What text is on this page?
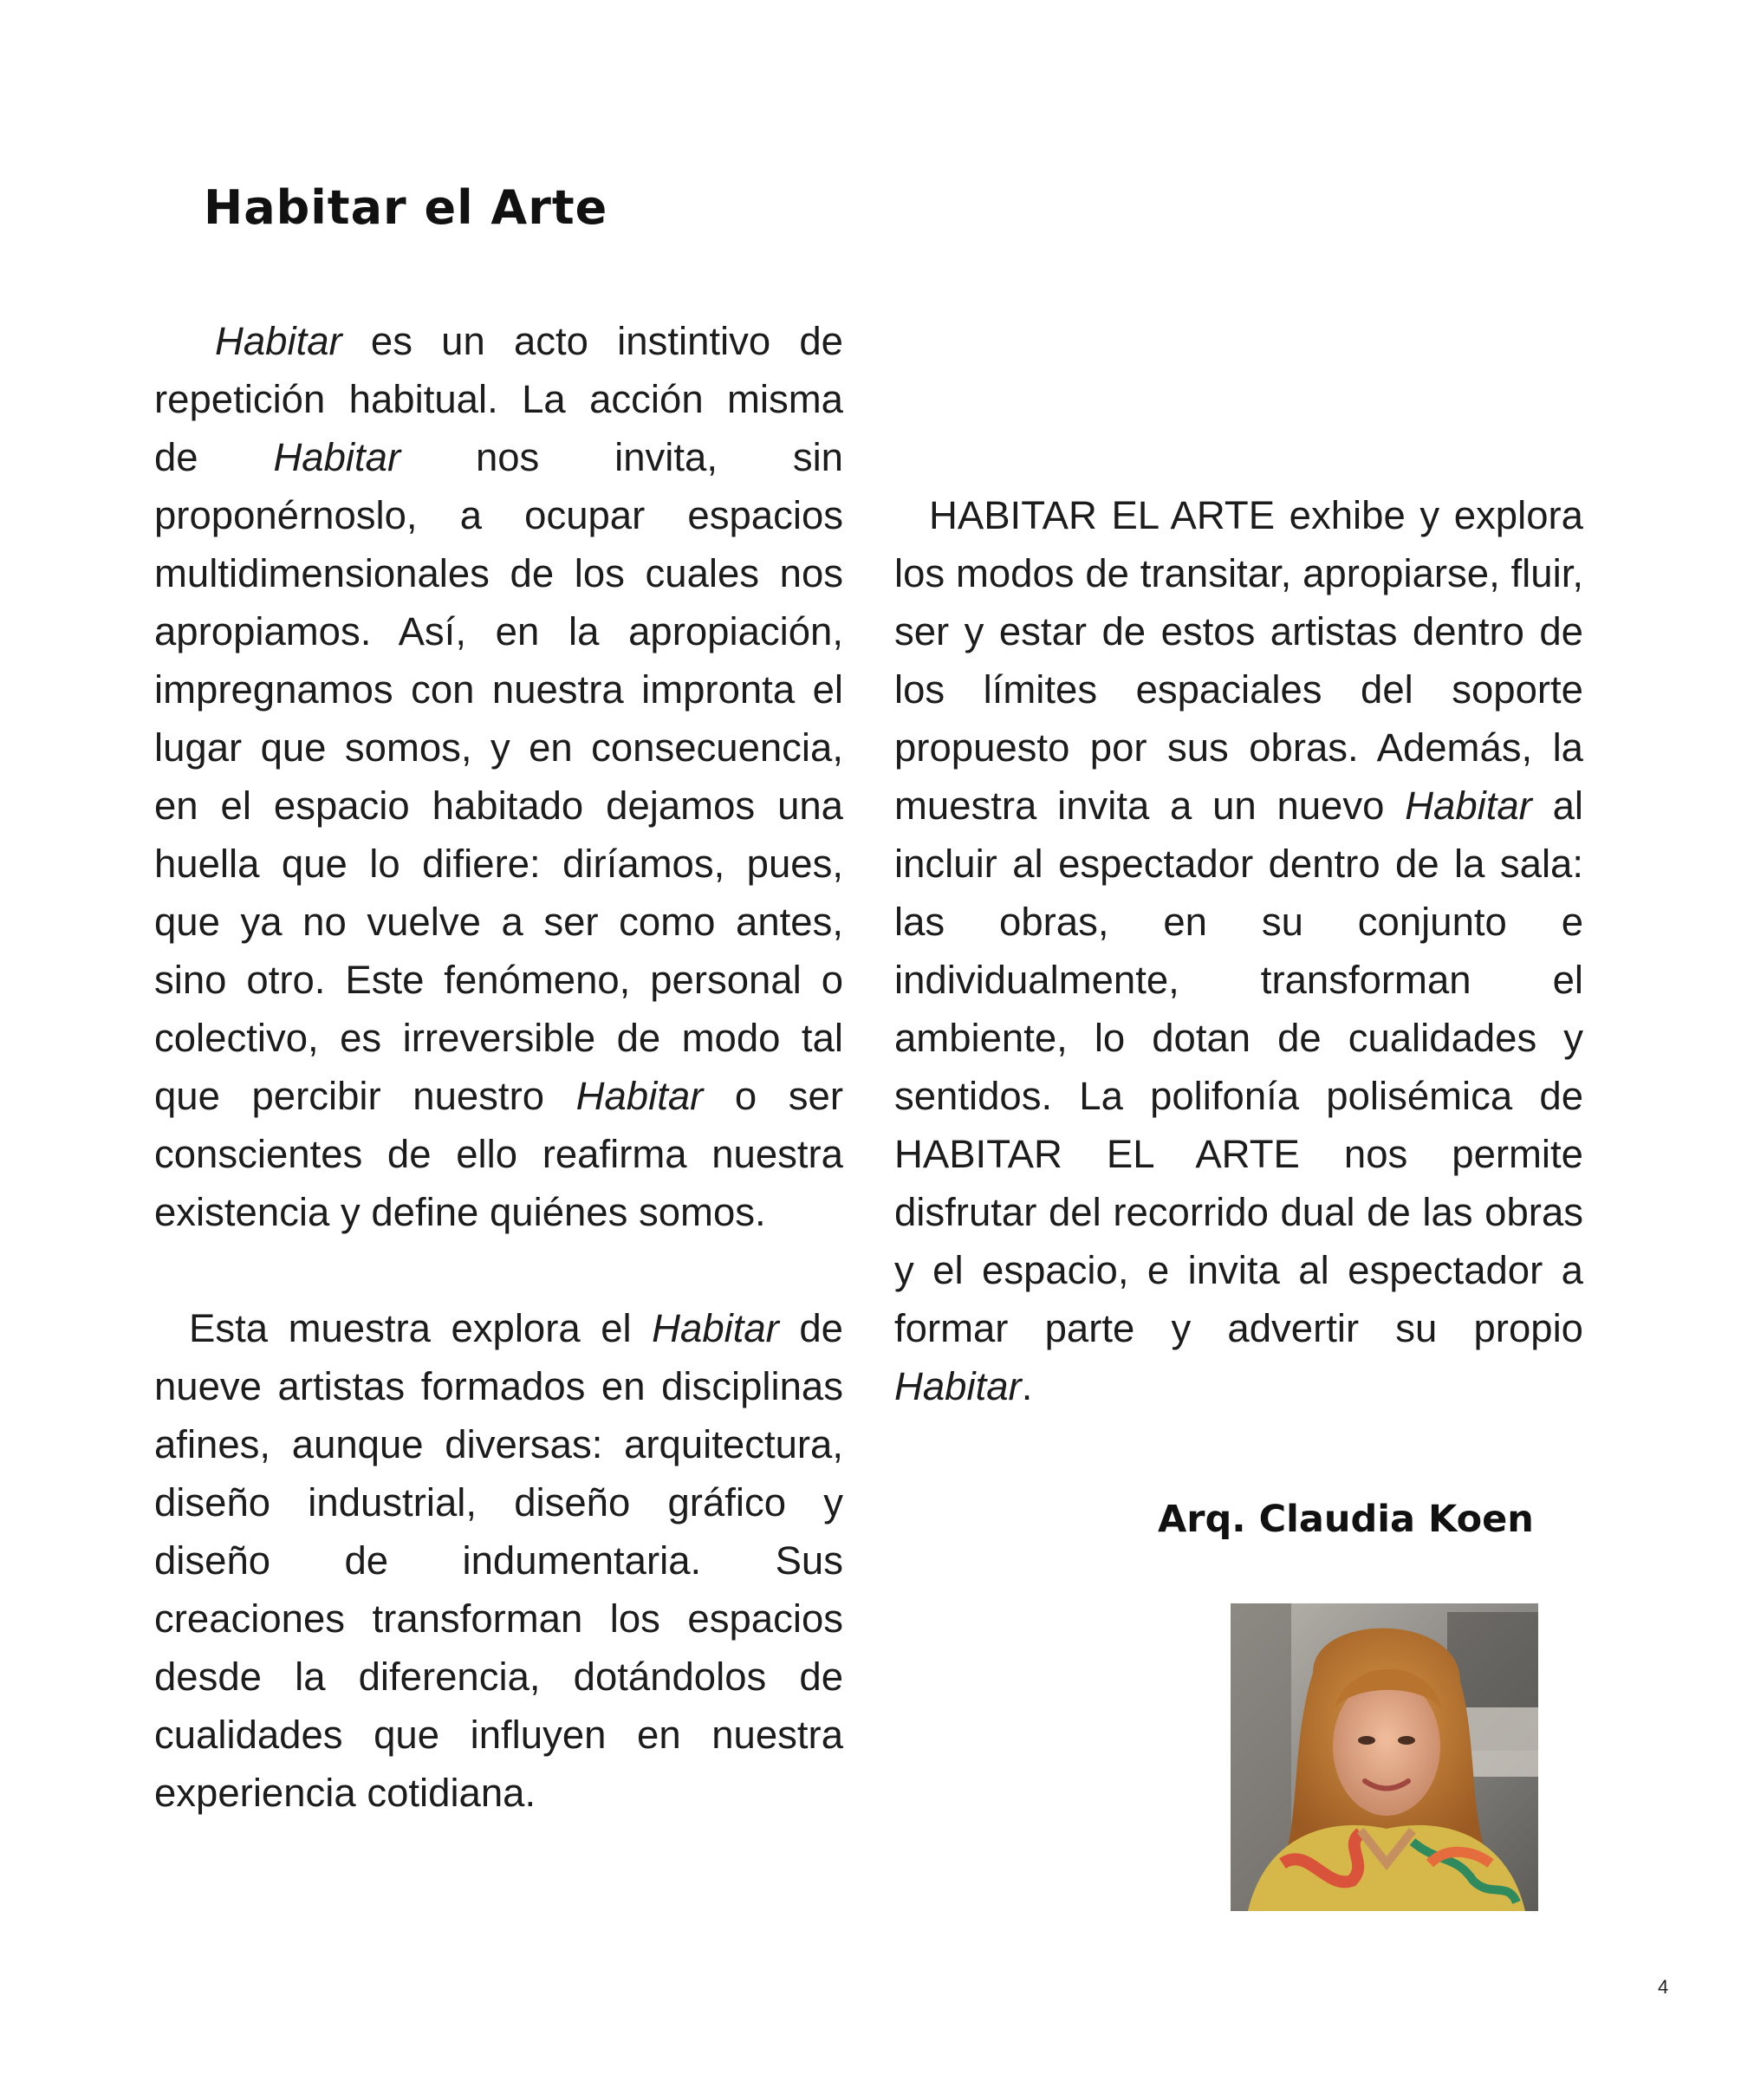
Habitar el Arte

Habitar es un acto instintivo de repetición habitual. La acción misma de Habitar nos invita, sin proponérnoslo, a ocupar espacios multidimensionales de los cuales nos apropiamos. Así, en la apropiación, impregnamos con nuestra impronta el lugar que somos, y en consecuencia, en el espacio habitado dejamos una huella que lo difiere: diríamos, pues, que ya no vuelve a ser como antes, sino otro. Este fenómeno, personal o colectivo, es irreversible de modo tal que percibir nuestro Habitar o ser conscientes de ello reafirma nuestra existencia y define quiénes somos.

Esta muestra explora el Habitar de nueve artistas formados en disciplinas afines, aunque diversas: arquitectura, diseño industrial, diseño gráfico y diseño de indumentaria. Sus creaciones transforman los espacios desde la diferencia, dotándolos de cualidades que influyen en nuestra experiencia cotidiana.

HABITAR EL ARTE exhibe y explora los modos de transitar, apropiarse, fluir, ser y estar de estos artistas dentro de los límites espaciales del soporte propuesto por sus obras. Además, la muestra invita a un nuevo Habitar al incluir al espectador dentro de la sala: las obras, en su conjunto e individualmente, transforman el ambiente, lo dotan de cualidades y sentidos. La polifonía polisémica de HABITAR EL ARTE nos permite disfrutar del recorrido dual de las obras y el espacio, e invita al espectador a formar parte y advertir su propio Habitar.

Arq. Claudia Koen

4
